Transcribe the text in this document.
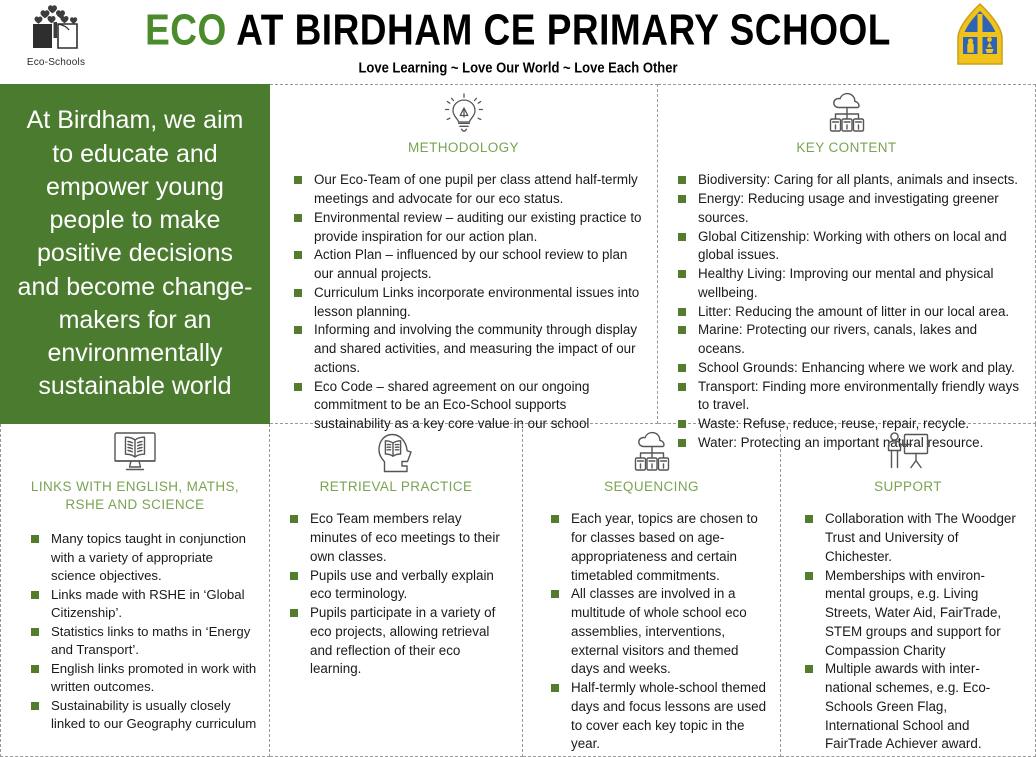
Eco-Schools
ECO AT BIRDHAM CE PRIMARY SCHOOL
Love Learning ~ Love Our World ~ Love Each Other
At Birdham, we aim to educate and empower young people to make positive decisions and become change-makers for an environmentally sustainable world
METHODOLOGY
Our Eco-Team of one pupil per class attend half-termly meetings and advocate for our eco status.
Environmental review – auditing our existing practice to provide inspiration for our action plan.
Action Plan – influenced by our school review to plan our annual projects.
Curriculum Links incorporate environmental issues into lesson planning.
Informing and involving the community through display and shared activities, and measuring the impact of our actions.
Eco Code – shared agreement on our ongoing commitment to be an Eco-School supports sustainability as a key core value in our school
KEY CONTENT
Biodiversity: Caring for all plants, animals and insects.
Energy: Reducing usage and investigating greener sources.
Global Citizenship: Working with others on local and global issues.
Healthy Living: Improving our mental and physical wellbeing.
Litter: Reducing the amount of litter in our local area.
Marine: Protecting our rivers, canals, lakes and oceans.
School Grounds: Enhancing where we work and play.
Transport: Finding more environmentally friendly ways to travel.
Waste: Refuse, reduce, reuse, repair, recycle.
Water: Protecting an important natural resource.
LINKS WITH ENGLISH, MATHS, RSHE AND SCIENCE
Many topics taught in conjunction with a variety of appropriate science objectives.
Links made with RSHE in ‘Global Citizenship’.
Statistics links to maths in ‘Energy and Transport’.
English links promoted in work with written outcomes.
Sustainability is usually closely linked to our Geography curriculum
RETRIEVAL PRACTICE
Eco Team members relay minutes of eco meetings to their own classes.
Pupils use and verbally explain eco terminology.
Pupils participate in a variety of eco projects, allowing retrieval and reflection of their eco learning.
SEQUENCING
Each year, topics are chosen to for classes based on age-appropriateness and certain timetabled commitments.
All classes are involved in a multitude of whole school eco assemblies, interventions, external visitors and themed days and weeks.
Half-termly whole-school themed days and focus lessons are used to cover each key topic in the year.
SUPPORT
Collaboration with The Woodger Trust and University of Chichester.
Memberships with environ-mental groups, e.g. Living Streets, Water Aid, FairTrade, STEM groups and support for Compassion Charity
Multiple awards with inter-national schemes, e.g. Eco-Schools Green Flag, International School and FairTrade Achiever award.
